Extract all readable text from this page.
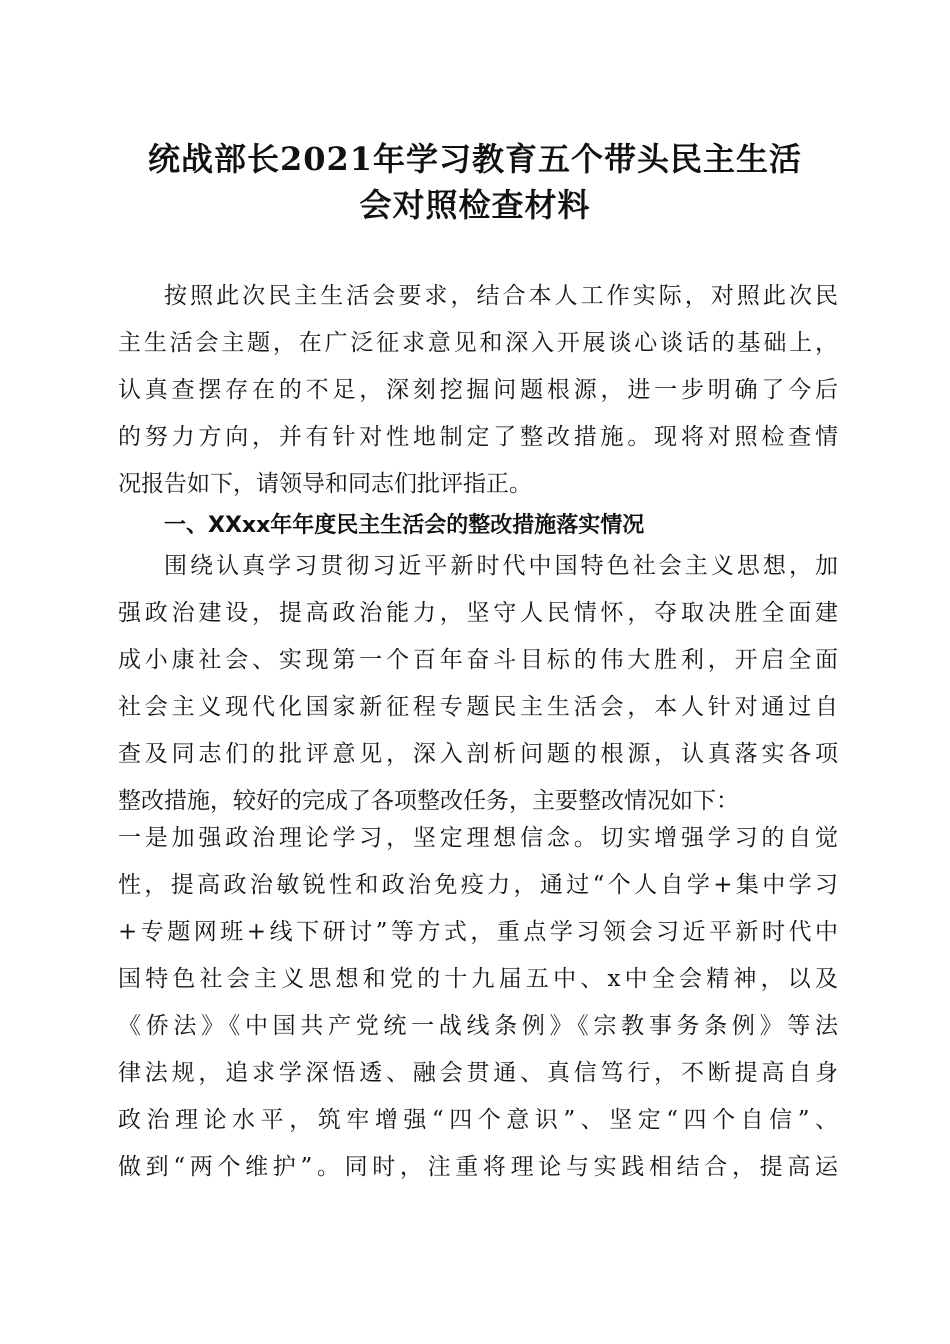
统战部长2021年学习教育五个带头民主生活
会对照检查材料
按照此次民主生活会要求，结合本人工作实际，对照此次民
主生活会主题，在广泛征求意见和深入开展谈心谈话的基础上，
认真查摆存在的不足，深刻挖掘问题根源，进一步明确了今后
的努力方向，并有针对性地制定了整改措施。现将对照检查情
况报告如下，请领导和同志们批评指正。
一、XXxx年年度民主生活会的整改措施落实情况
围绕认真学习贯彻习近平新时代中国特色社会主义思想，加
强政治建设，提高政治能力，坚守人民情怀，夺取决胜全面建
成小康社会、实现第一个百年奋斗目标的伟大胜利，开启全面
社会主义现代化国家新征程专题民主生活会，本人针对通过自
查及同志们的批评意见，深入剖析问题的根源，认真落实各项
整改措施，较好的完成了各项整改任务，主要整改情况如下：
一是加强政治理论学习，坚定理想信念。切实增强学习的自觉
性，提高政治敏锐性和政治免疫力，通过“个人自学+集中学习
+专题网班+线下研讨”等方式，重点学习领会习近平新时代中
国特色社会主义思想和党的十九届五中、x中全会精神，以及
《侨法》《中国共产党统一战线条例》《宗教事务条例》等法
律法规，追求学深悟透、融会贯通、真信笃行，不断提高自身
政治理论水平，筑牢增强“四个意识”、坚定“四个自信”、
做到“两个维护”。同时，注重将理论与实践相结合，提高运
